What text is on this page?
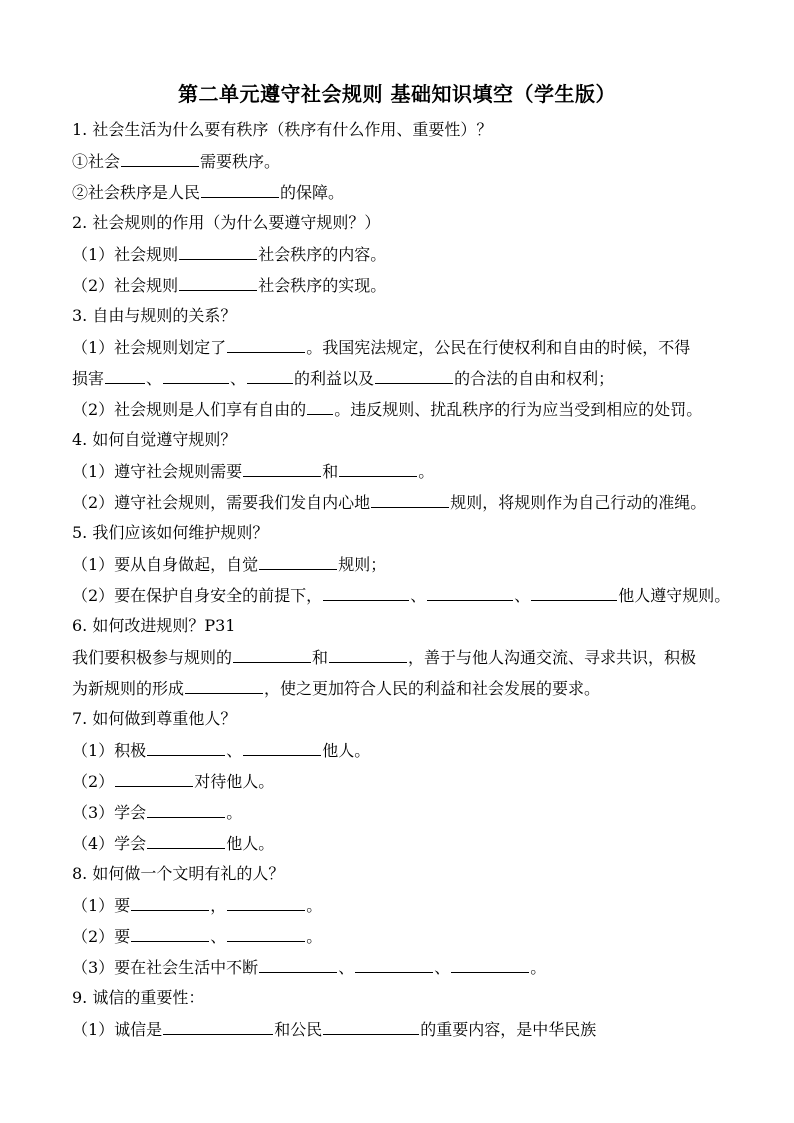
第二单元遵守社会规则 基础知识填空（学生版）
1. 社会生活为什么要有秩序（秩序有什么作用、重要性）？
①社会	需要秩序。
②社会秩序是人民	的保障。
2. 社会规则的作用（为什么要遵守规则？）
（1）社会规则	社会秩序的内容。
（2）社会规则	社会秩序的实现。
3. 自由与规则的关系？
（1）社会规则划定了	。我国宪法规定，公民在行使权利和自由的时候，不得
损害	、	、	的利益以及	的合法的自由和权利；
（2）社会规则是人们享有自由的 。违反规则、扰乱秩序的行为应当受到相应的处罚。
4. 如何自觉遵守规则？
（1）遵守社会规则需要	和	。
（2）遵守社会规则，需要我们发自内心地	规则，将规则作为自己行动的准绳。
5. 我们应该如何维护规则？
（1）要从自身做起，自觉	规则；
（2）要在保护自身安全的前提下，	、	、	他人遵守规则。
6. 如何改进规则？P31
我们要积极参与规则的	和	，善于与他人沟通交流、寻求共识，积极
为新规则的形成	，使之更加符合人民的利益和社会发展的要求。
7. 如何做到尊重他人？
（1）积极	、	他人。
（2）	对待他人。
（3）学会	。
（4）学会	他人。
8. 如何做一个文明有礼的人？
（1）要	，	。
（2）要	、	。
（3）要在社会生活中不断	、	、	。
9. 诚信的重要性：
（1）诚信是	和公民	的重要内容，是中华民族
